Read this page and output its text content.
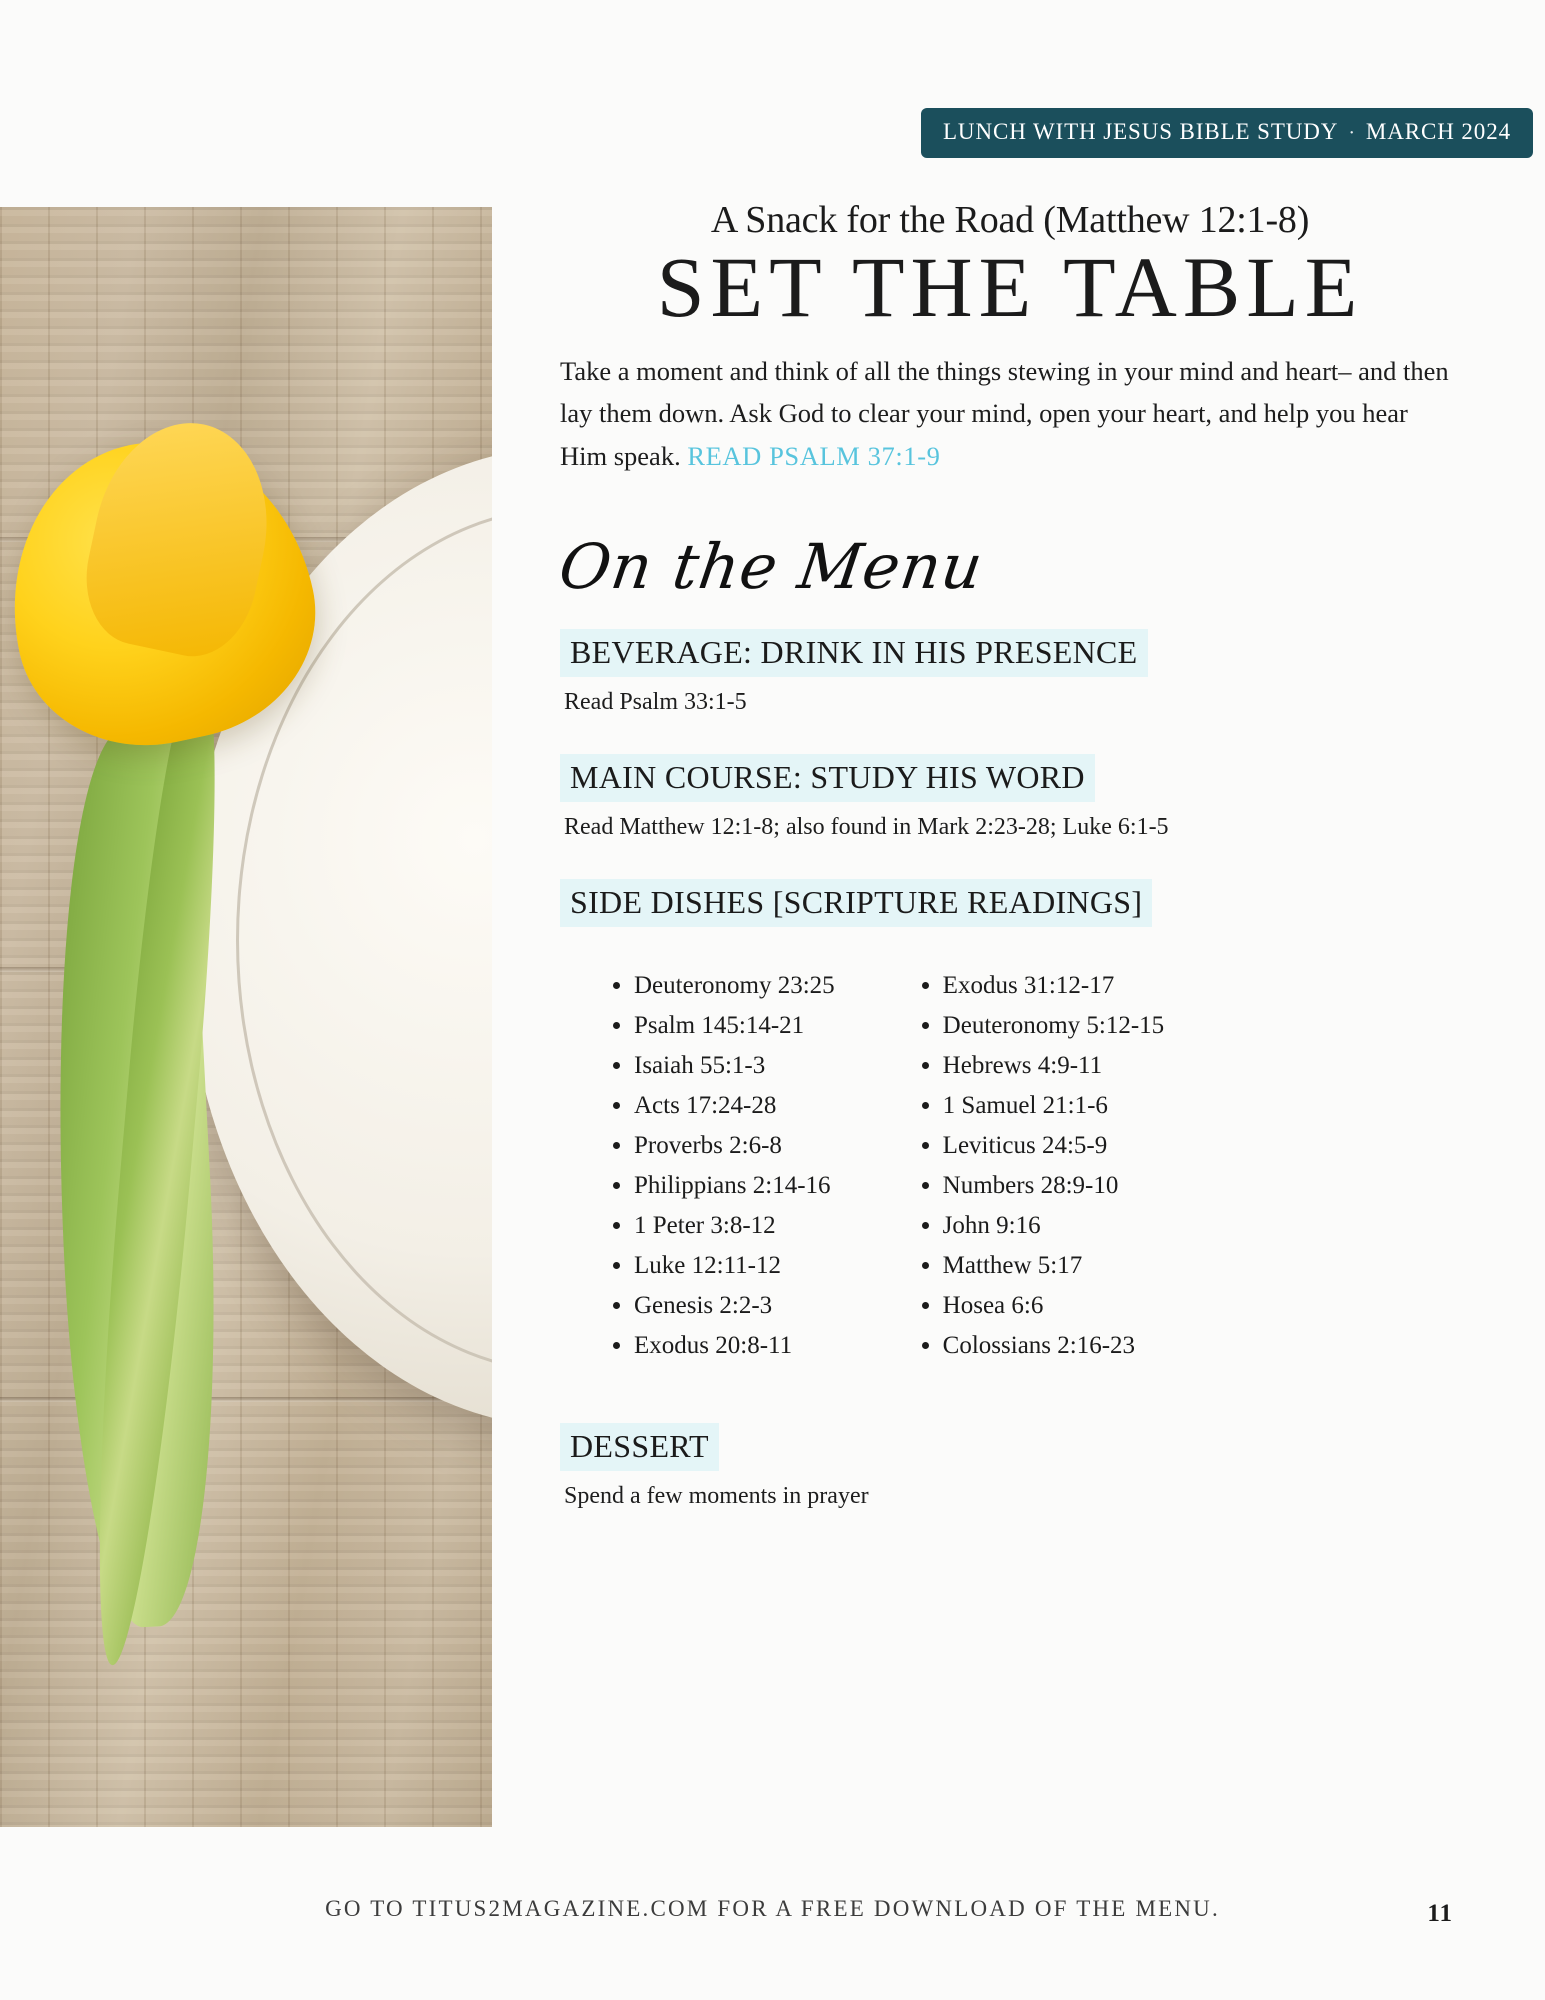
LUNCH WITH JESUS BIBLE STUDY · MARCH 2024

A Snack for the Road (Matthew 12:1-8)

SET THE TABLE

Take a moment and think of all the things stewing in your mind and heart– and then lay them down. Ask God to clear your mind, open your heart, and help you hear Him speak. READ PSALM 37:1-9

On the Menu
BEVERAGE: DRINK IN HIS PRESENCE

Read Psalm 33:1-5

MAIN COURSE: STUDY HIS WORD

Read Matthew 12:1-8; also found in Mark 2:23-28; Luke 6:1-5

SIDE DISHES [SCRIPTURE READINGS]
• Deuteronomy 23:25
• Psalm 145:14-21
• Isaiah 55:1-3
• Acts 17:24-28
• Proverbs 2:6-8
• Philippians 2:14-16
• 1 Peter 3:8-12
• Luke 12:11-12
• Genesis 2:2-3
• Exodus 20:8-11
• Exodus 31:12-17
• Deuteronomy 5:12-15
• Hebrews 4:9-11
• 1 Samuel 21:1-6
• Leviticus 24:5-9
• Numbers 28:9-10
• John 9:16
• Matthew 5:17
• Hosea 6:6
• Colossians 2:16-23
DESSERT

Spend a few moments in prayer

GO TO TITUS2MAGAZINE.COM FOR A FREE DOWNLOAD OF THE MENU.	11
